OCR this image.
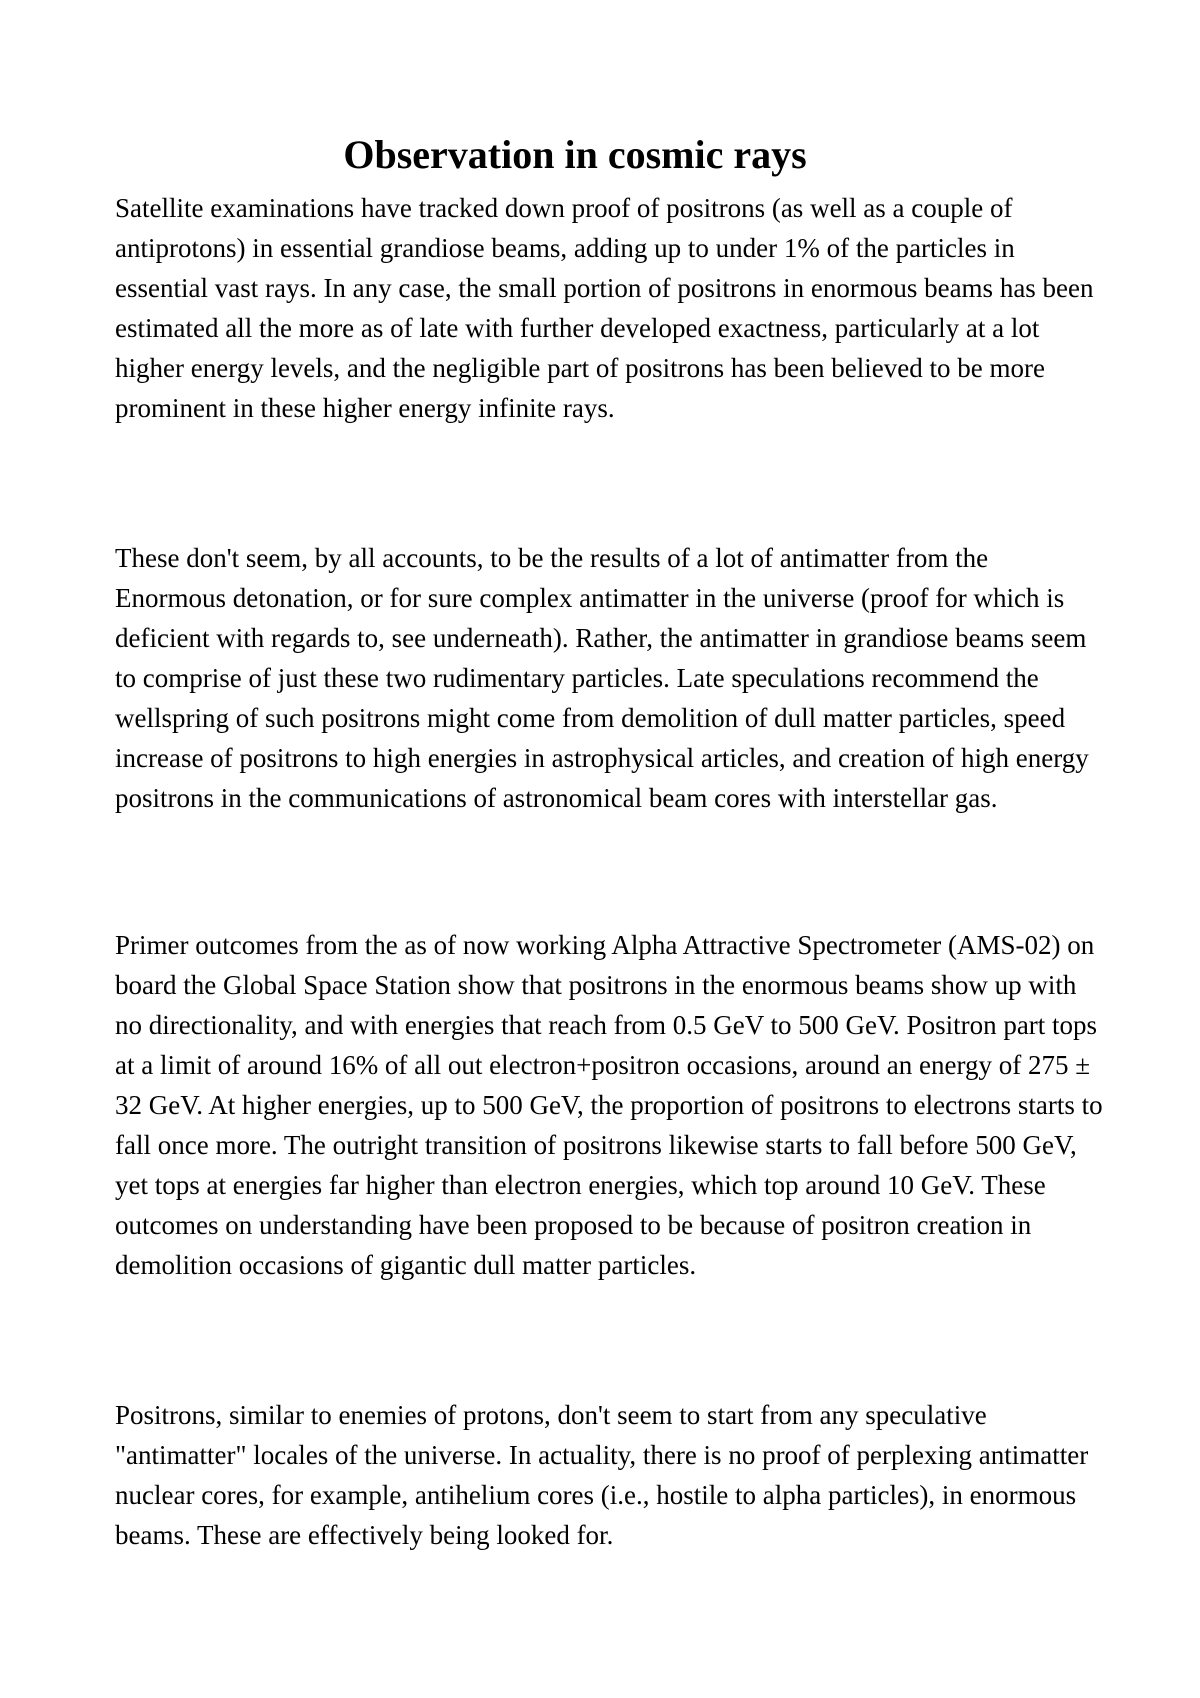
Observation in cosmic rays

Satellite examinations have tracked down proof of positrons (as well as a couple of antiprotons) in essential grandiose beams, adding up to under 1% of the particles in essential vast rays. In any case, the small portion of positrons in enormous beams has been estimated all the more as of late with further developed exactness, particularly at a lot higher energy levels, and the negligible part of positrons has been believed to be more prominent in these higher energy infinite rays.

These don't seem, by all accounts, to be the results of a lot of antimatter from the Enormous detonation, or for sure complex antimatter in the universe (proof for which is deficient with regards to, see underneath). Rather, the antimatter in grandiose beams seem to comprise of just these two rudimentary particles. Late speculations recommend the wellspring of such positrons might come from demolition of dull matter particles, speed increase of positrons to high energies in astrophysical articles, and creation of high energy positrons in the communications of astronomical beam cores with interstellar gas.

Primer outcomes from the as of now working Alpha Attractive Spectrometer (AMS-02) on board the Global Space Station show that positrons in the enormous beams show up with no directionality, and with energies that reach from 0.5 GeV to 500 GeV. Positron part tops at a limit of around 16% of all out electron+positron occasions, around an energy of 275 ± 32 GeV. At higher energies, up to 500 GeV, the proportion of positrons to electrons starts to fall once more. The outright transition of positrons likewise starts to fall before 500 GeV, yet tops at energies far higher than electron energies, which top around 10 GeV. These outcomes on understanding have been proposed to be because of positron creation in demolition occasions of gigantic dull matter particles.

Positrons, similar to enemies of protons, don't seem to start from any speculative "antimatter" locales of the universe. In actuality, there is no proof of perplexing antimatter nuclear cores, for example, antihelium cores (i.e., hostile to alpha particles), in enormous beams. These are effectively being looked for.
